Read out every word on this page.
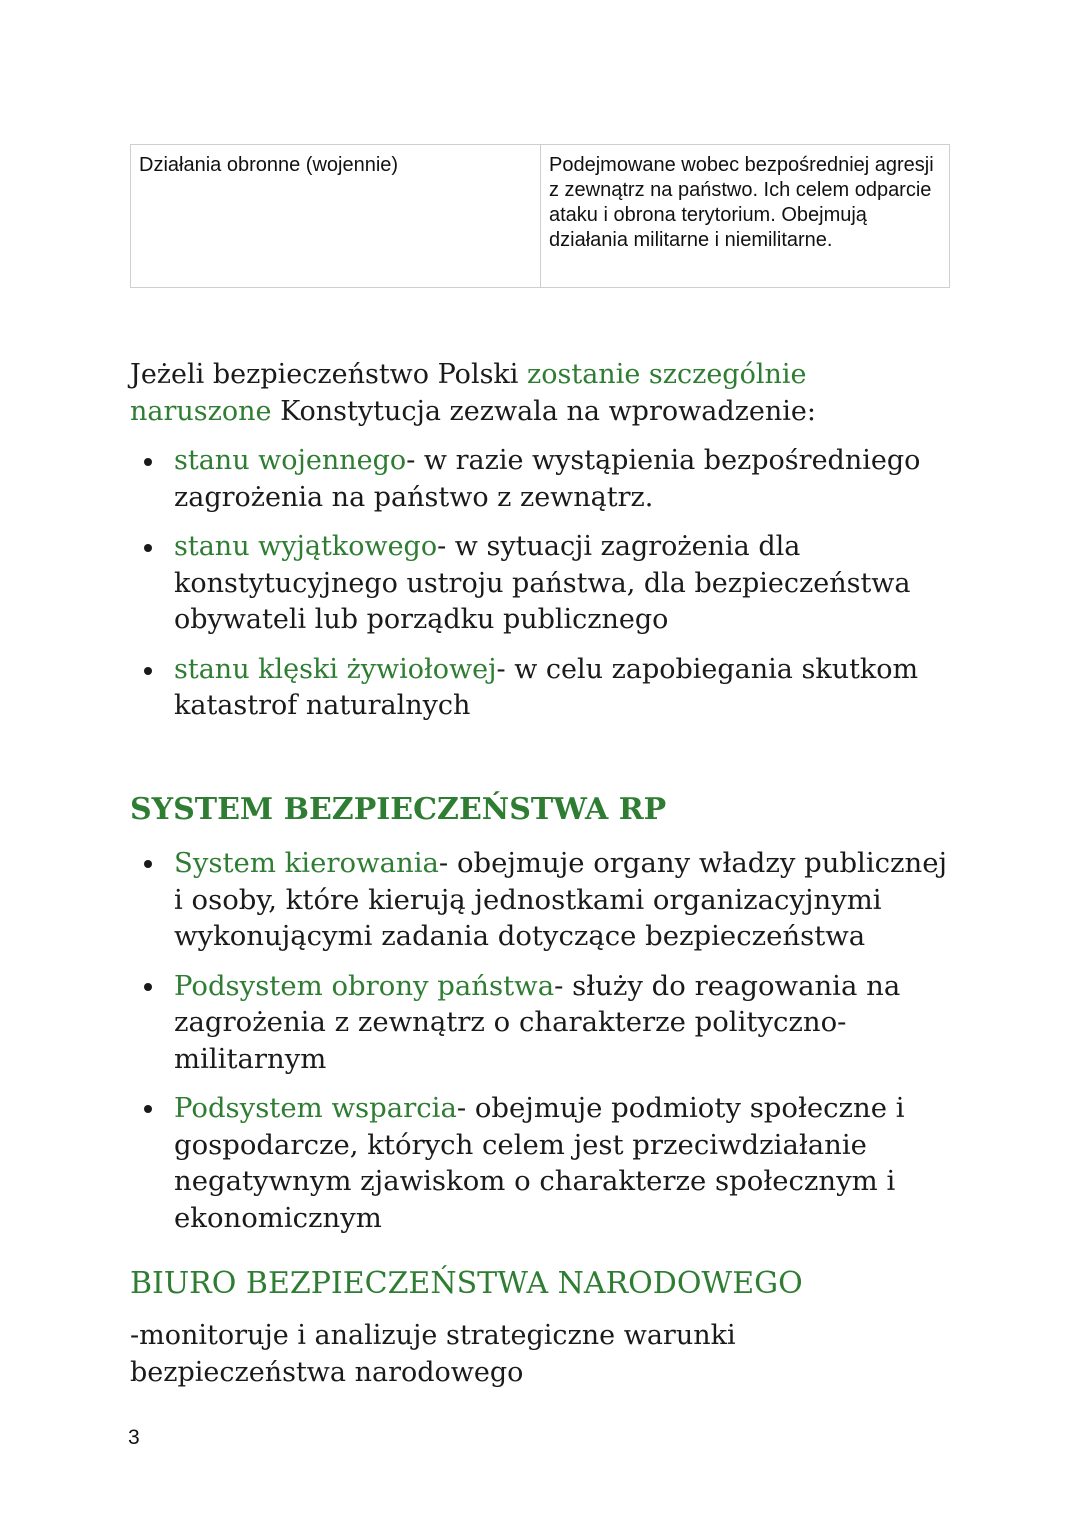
Działania obronne (wojennie)	Podejmowane wobec bezpośredniej agresji z zewnątrz na państwo. Ich celem odparcie ataku i obrona terytorium. Obejmują działania militarne i niemilitarne.

Jeżeli bezpieczeństwo Polski zostanie szczególnie naruszone Konstytucja zezwala na wprowadzenie:

stanu wojennego- w razie wystąpienia bezpośredniego zagrożenia na państwo z zewnątrz.
stanu wyjątkowego- w sytuacji zagrożenia dla konstytucyjnego ustroju państwa, dla bezpieczeństwa obywateli lub porządku publicznego
stanu klęski żywiołowej- w celu zapobiegania skutkom katastrof naturalnych
SYSTEM BEZPIECZEŃSTWA RP
System kierowania- obejmuje organy władzy publicznej i osoby, które kierują jednostkami organizacyjnymi wykonującymi zadania dotyczące bezpieczeństwa
Podsystem obrony państwa- służy do reagowania na zagrożenia z zewnątrz o charakterze polityczno-militarnym
Podsystem wsparcia- obejmuje podmioty społeczne i gospodarcze, których celem jest przeciwdziałanie negatywnym zjawiskom o charakterze społecznym i ekonomicznym
BIURO BEZPIECZEŃSTWA NARODOWEGO

-monitoruje i analizuje strategiczne warunki bezpieczeństwa narodowego

3
